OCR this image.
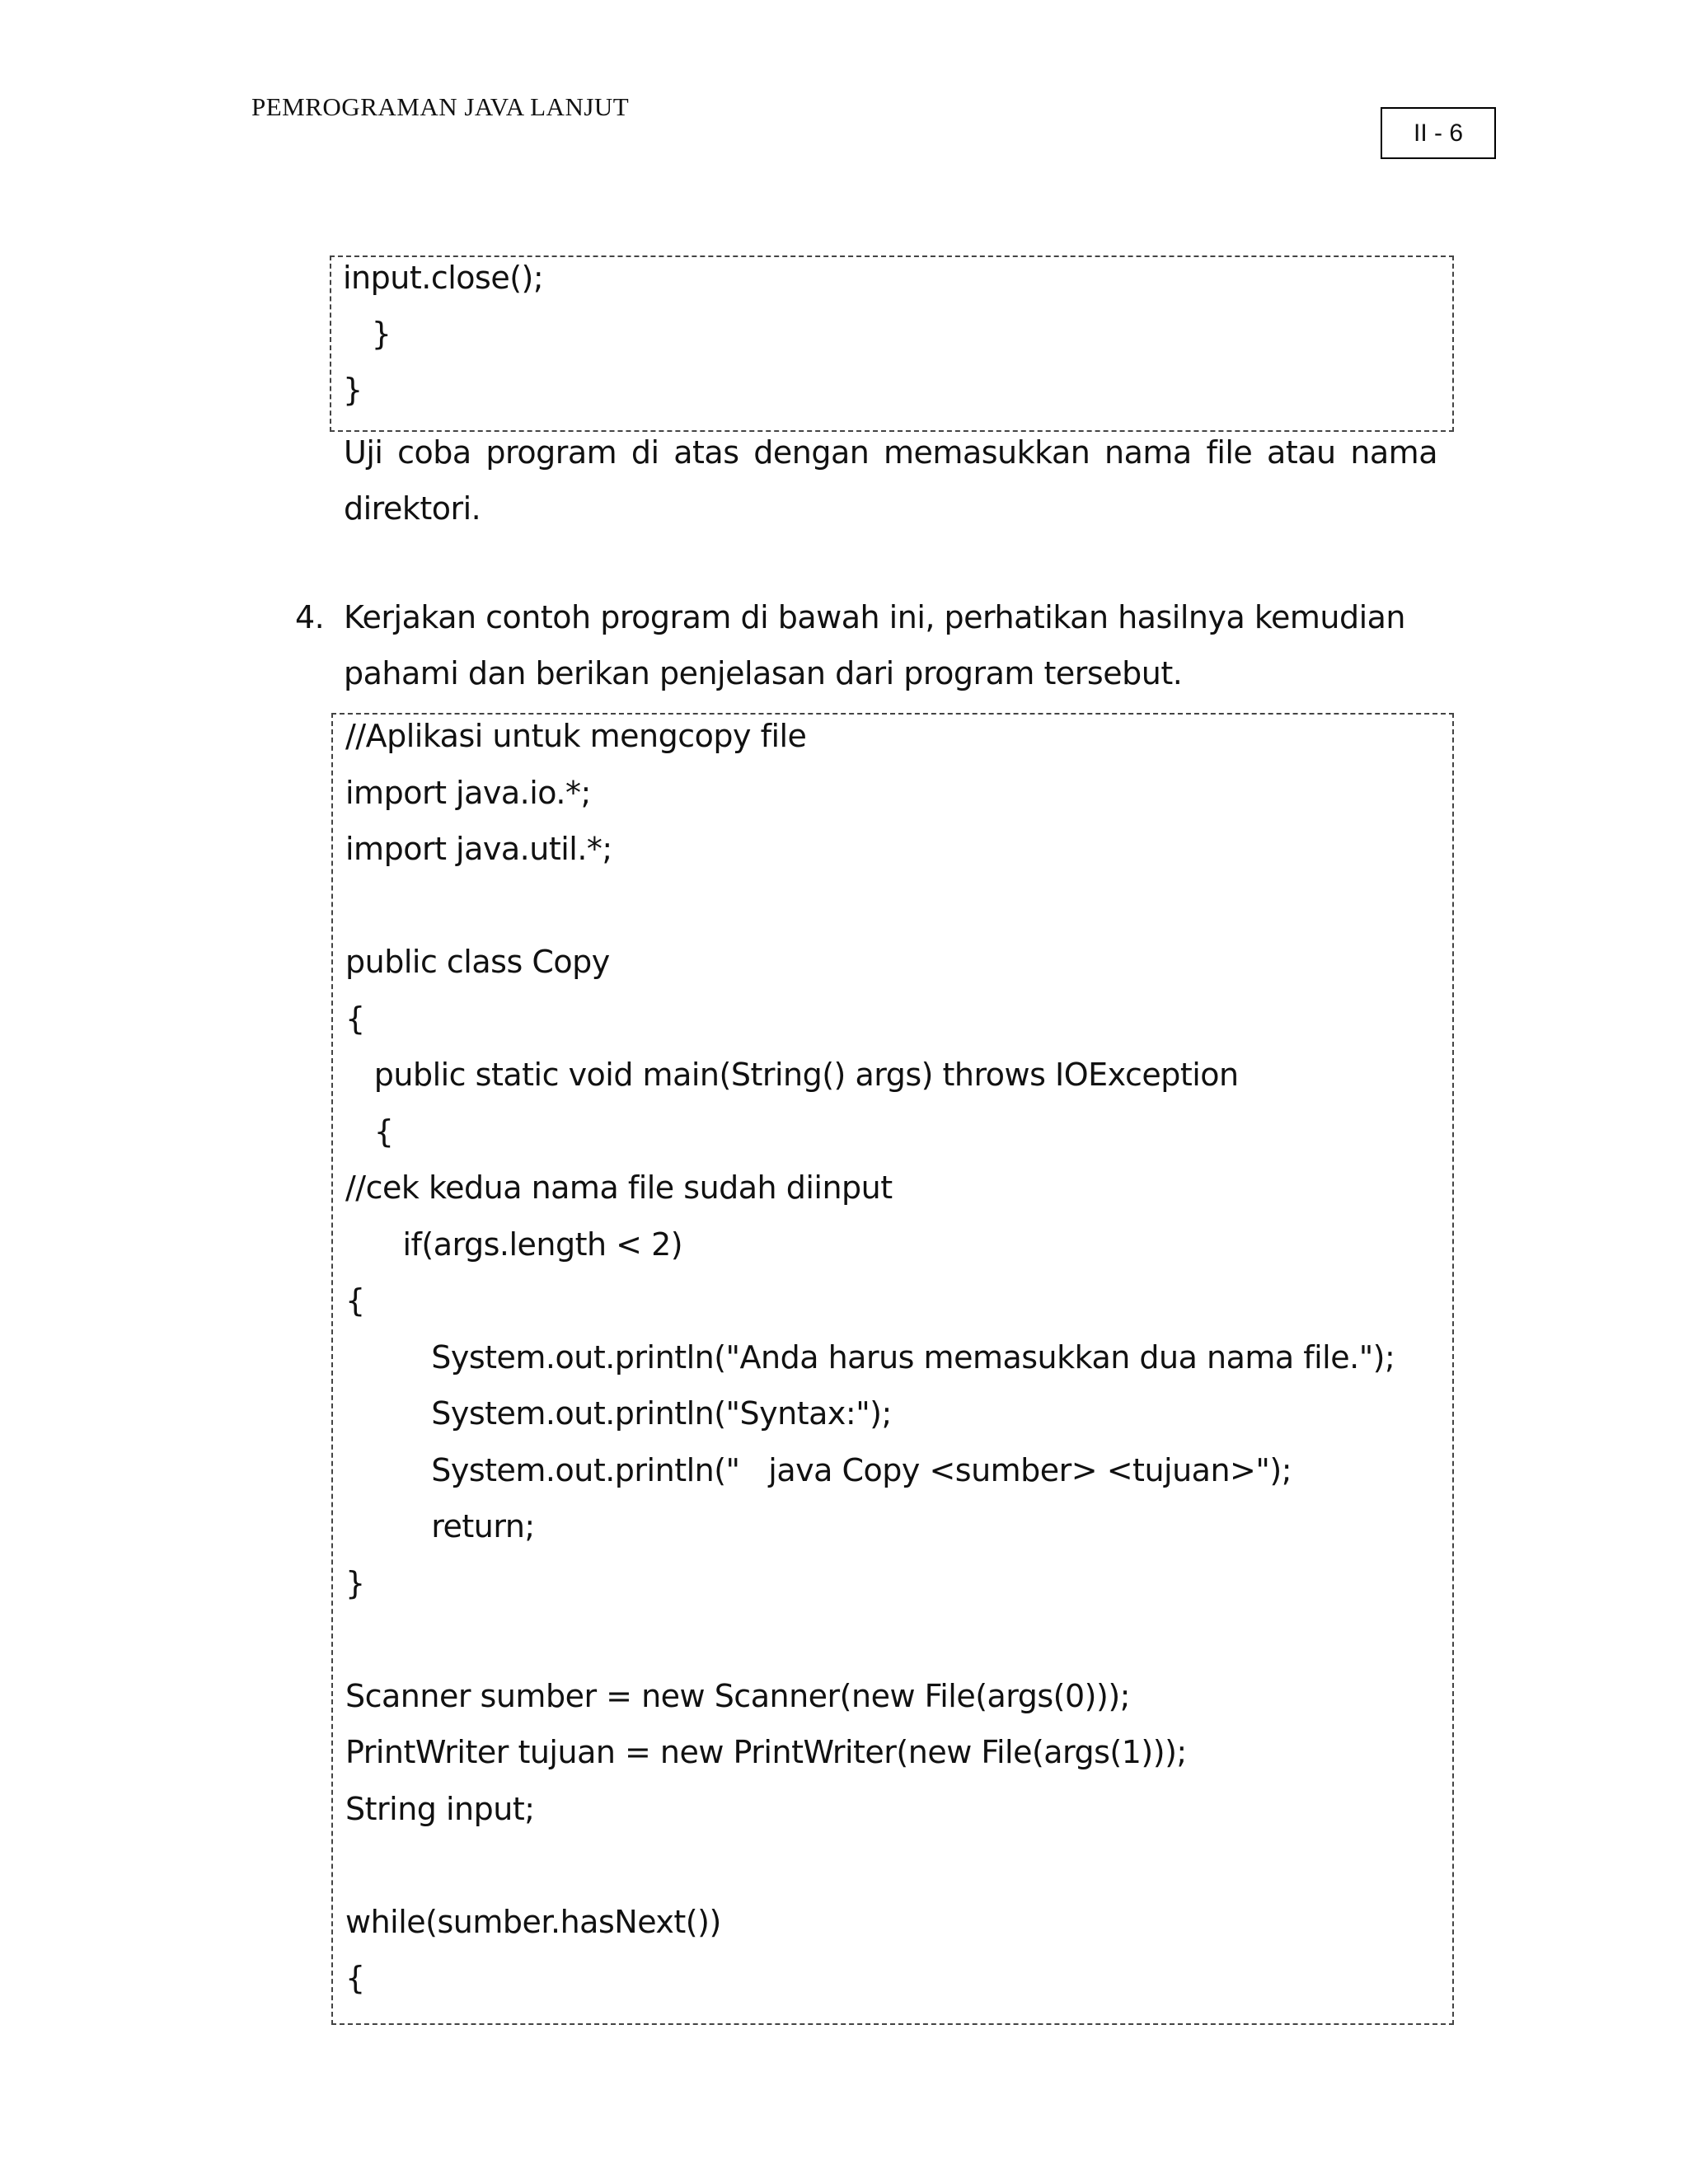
PEMROGRAMAN JAVA LANJUT
II - 6
input.close();
}
}
Uji coba program di atas dengan memasukkan nama file atau nama
direktori.
4. Kerjakan contoh program di bawah ini, perhatikan hasilnya kemudian
pahami dan berikan penjelasan dari program tersebut.
//Aplikasi untuk mengcopy file
import java.io.*;
import java.util.*;
public class Copy
{
public static void main(String() args) throws IOException
{
//cek kedua nama file sudah diinput
if(args.length < 2)
{
System.out.println("Anda harus memasukkan dua nama file.");
System.out.println("Syntax:");
System.out.println("   java Copy <sumber> <tujuan>");
return;
}
Scanner sumber = new Scanner(new File(args(0)));
PrintWriter tujuan = new PrintWriter(new File(args(1)));
String input;
while(sumber.hasNext())
{
